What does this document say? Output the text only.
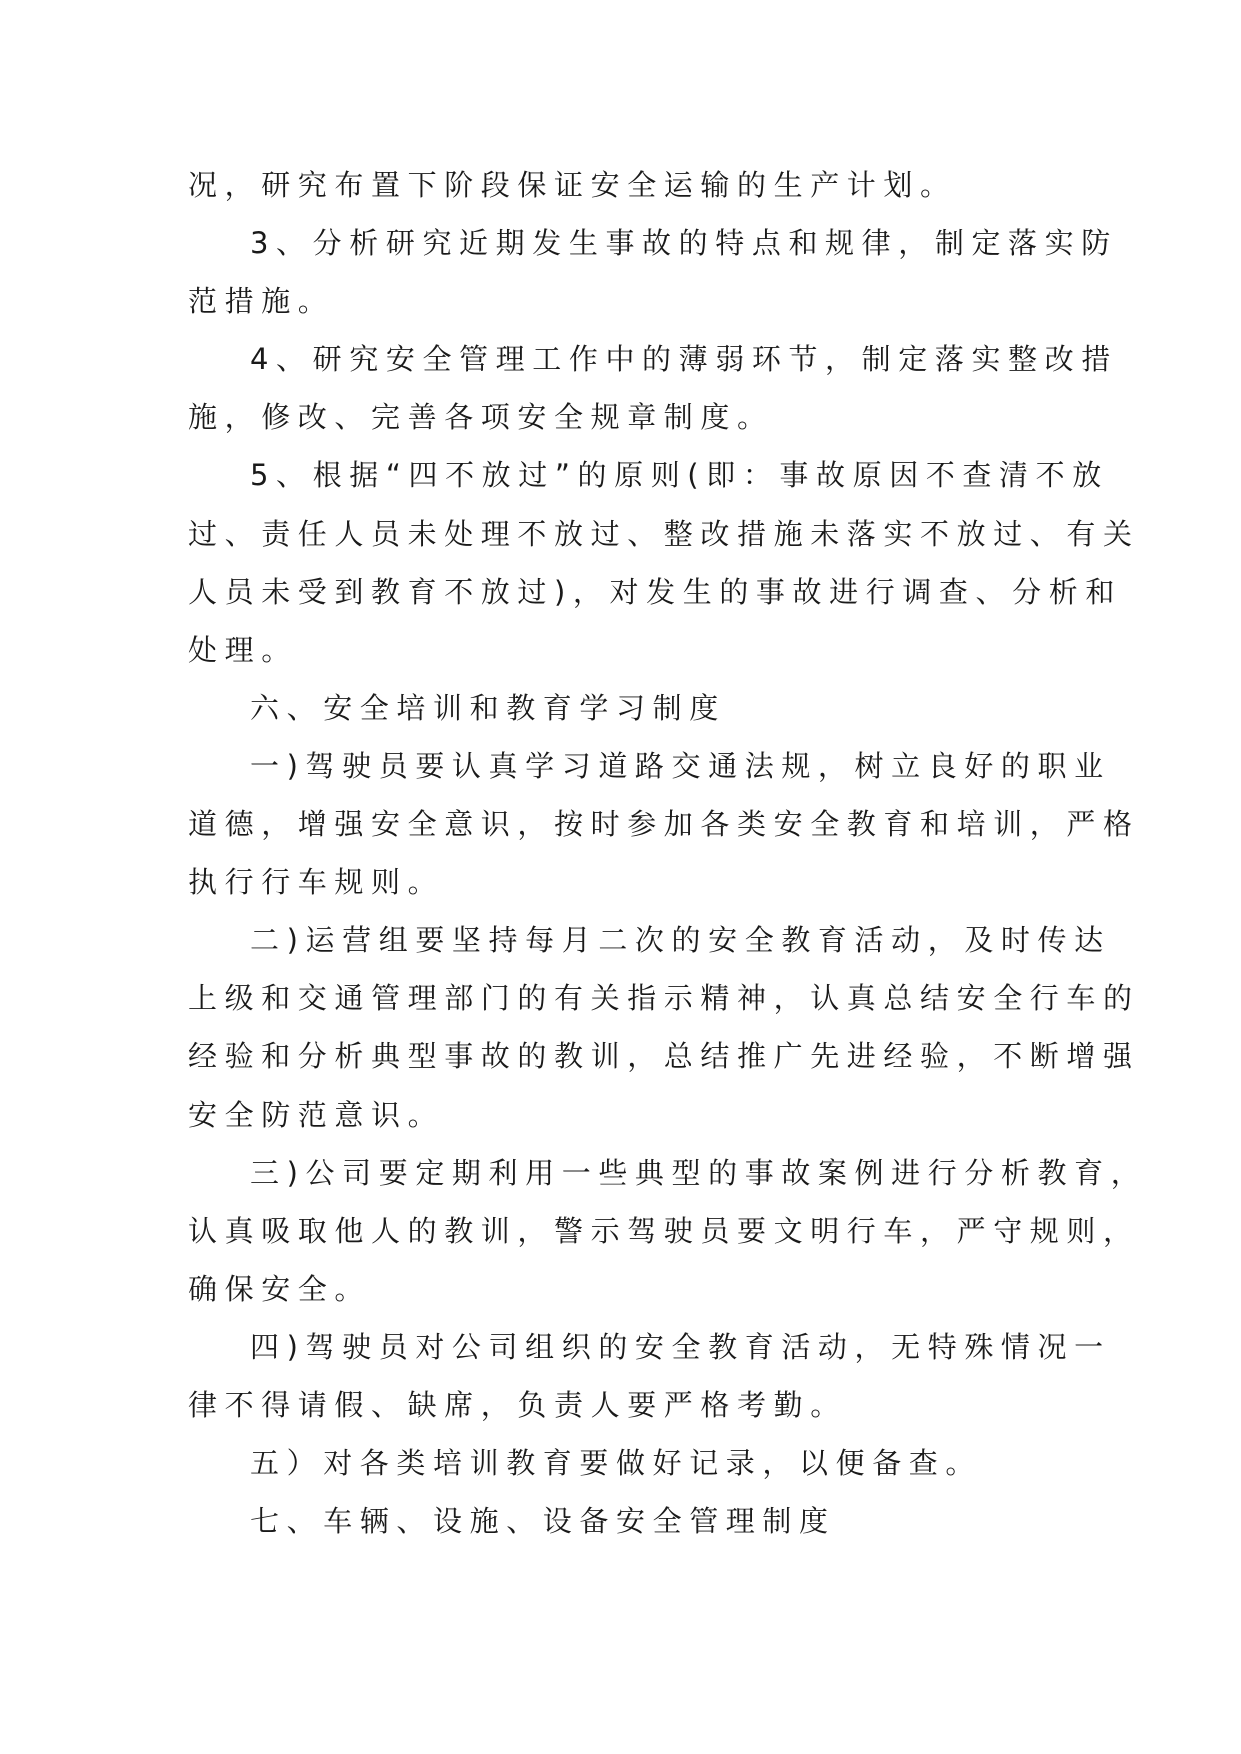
况，研究布置下阶段保证安全运输的生产计划。
3、分析研究近期发生事故的特点和规律，制定落实防
范措施。
4、研究安全管理工作中的薄弱环节，制定落实整改措
施，修改、完善各项安全规章制度。
5、根据“四不放过”的原则(即：事故原因不查清不放
过、责任人员未处理不放过、整改措施未落实不放过、有关
人员未受到教育不放过)，对发生的事故进行调查、分析和
处理。
六、安全培训和教育学习制度
一)驾驶员要认真学习道路交通法规，树立良好的职业
道德，增强安全意识，按时参加各类安全教育和培训，严格
执行行车规则。
二)运营组要坚持每月二次的安全教育活动，及时传达
上级和交通管理部门的有关指示精神，认真总结安全行车的
经验和分析典型事故的教训，总结推广先进经验，不断增强
安全防范意识。
三)公司要定期利用一些典型的事故案例进行分析教育，
认真吸取他人的教训，警示驾驶员要文明行车，严守规则，
确保安全。
四)驾驶员对公司组织的安全教育活动，无特殊情况一
律不得请假、缺席，负责人要严格考勤。
五）对各类培训教育要做好记录，以便备查。
七、车辆、设施、设备安全管理制度
